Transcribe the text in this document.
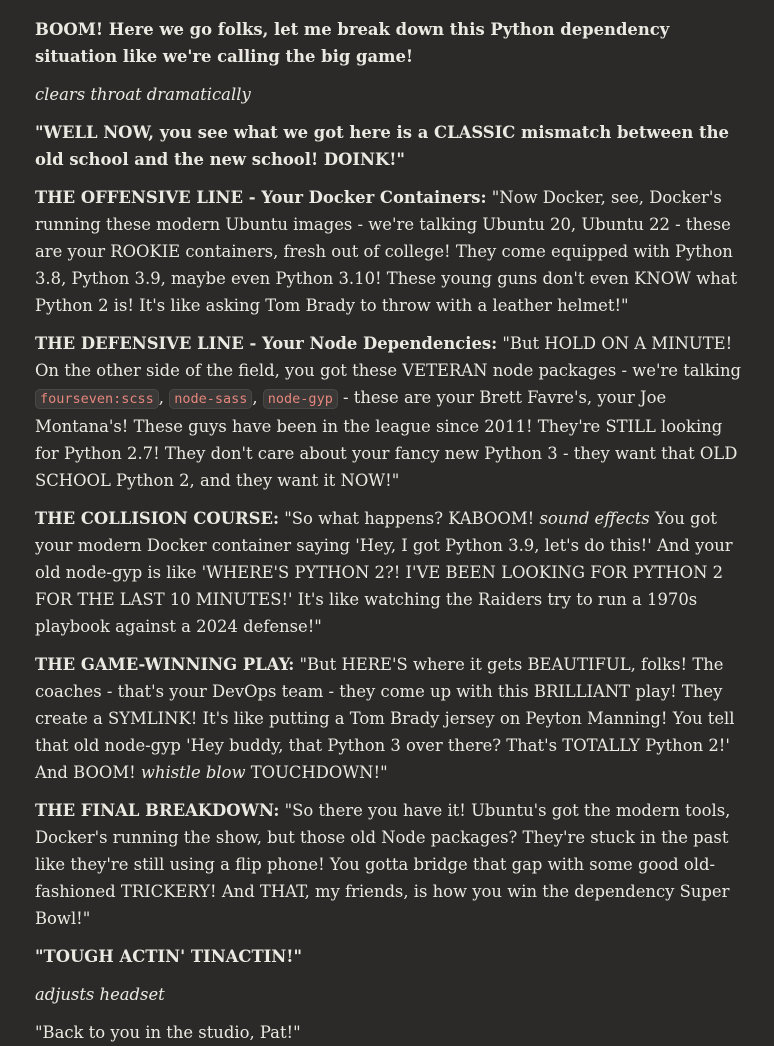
BOOM! Here we go folks, let me break down this Python dependency situation like we're calling the big game!

clears throat dramatically

"WELL NOW, you see what we got here is a CLASSIC mismatch between the old school and the new school! DOINK!"

THE OFFENSIVE LINE - Your Docker Containers: "Now Docker, see, Docker's running these modern Ubuntu images - we're talking Ubuntu 20, Ubuntu 22 - these are your ROOKIE containers, fresh out of college! They come equipped with Python 3.8, Python 3.9, maybe even Python 3.10! These young guns don't even KNOW what Python 2 is! It's like asking Tom Brady to throw with a leather helmet!"

THE DEFENSIVE LINE - Your Node Dependencies: "But HOLD ON A MINUTE! On the other side of the field, you got these VETERAN node packages - we're talking fourseven:scss , node-sass , node-gyp - these are your Brett Favre's, your Joe Montana's! These guys have been in the league since 2011! They're STILL looking for Python 2.7! They don't care about your fancy new Python 3 - they want that OLD SCHOOL Python 2, and they want it NOW!"

THE COLLISION COURSE: "So what happens? KABOOM! sound effects You got your modern Docker container saying 'Hey, I got Python 3.9, let's do this!' And your old node-gyp is like 'WHERE'S PYTHON 2?! I'VE BEEN LOOKING FOR PYTHON 2 FOR THE LAST 10 MINUTES!' It's like watching the Raiders try to run a 1970s playbook against a 2024 defense!"

THE GAME-WINNING PLAY: "But HERE'S where it gets BEAUTIFUL, folks! The coaches - that's your DevOps team - they come up with this BRILLIANT play! They create a SYMLINK! It's like putting a Tom Brady jersey on Peyton Manning! You tell that old node-gyp 'Hey buddy, that Python 3 over there? That's TOTALLY Python 2!' And BOOM! whistle blow TOUCHDOWN!"

THE FINAL BREAKDOWN: "So there you have it! Ubuntu's got the modern tools, Docker's running the show, but those old Node packages? They're stuck in the past like they're still using a flip phone! You gotta bridge that gap with some good old-fashioned TRICKERY! And THAT, my friends, is how you win the dependency Super Bowl!"

"TOUGH ACTIN' TINACTIN!"

adjusts headset

"Back to you in the studio, Pat!"
